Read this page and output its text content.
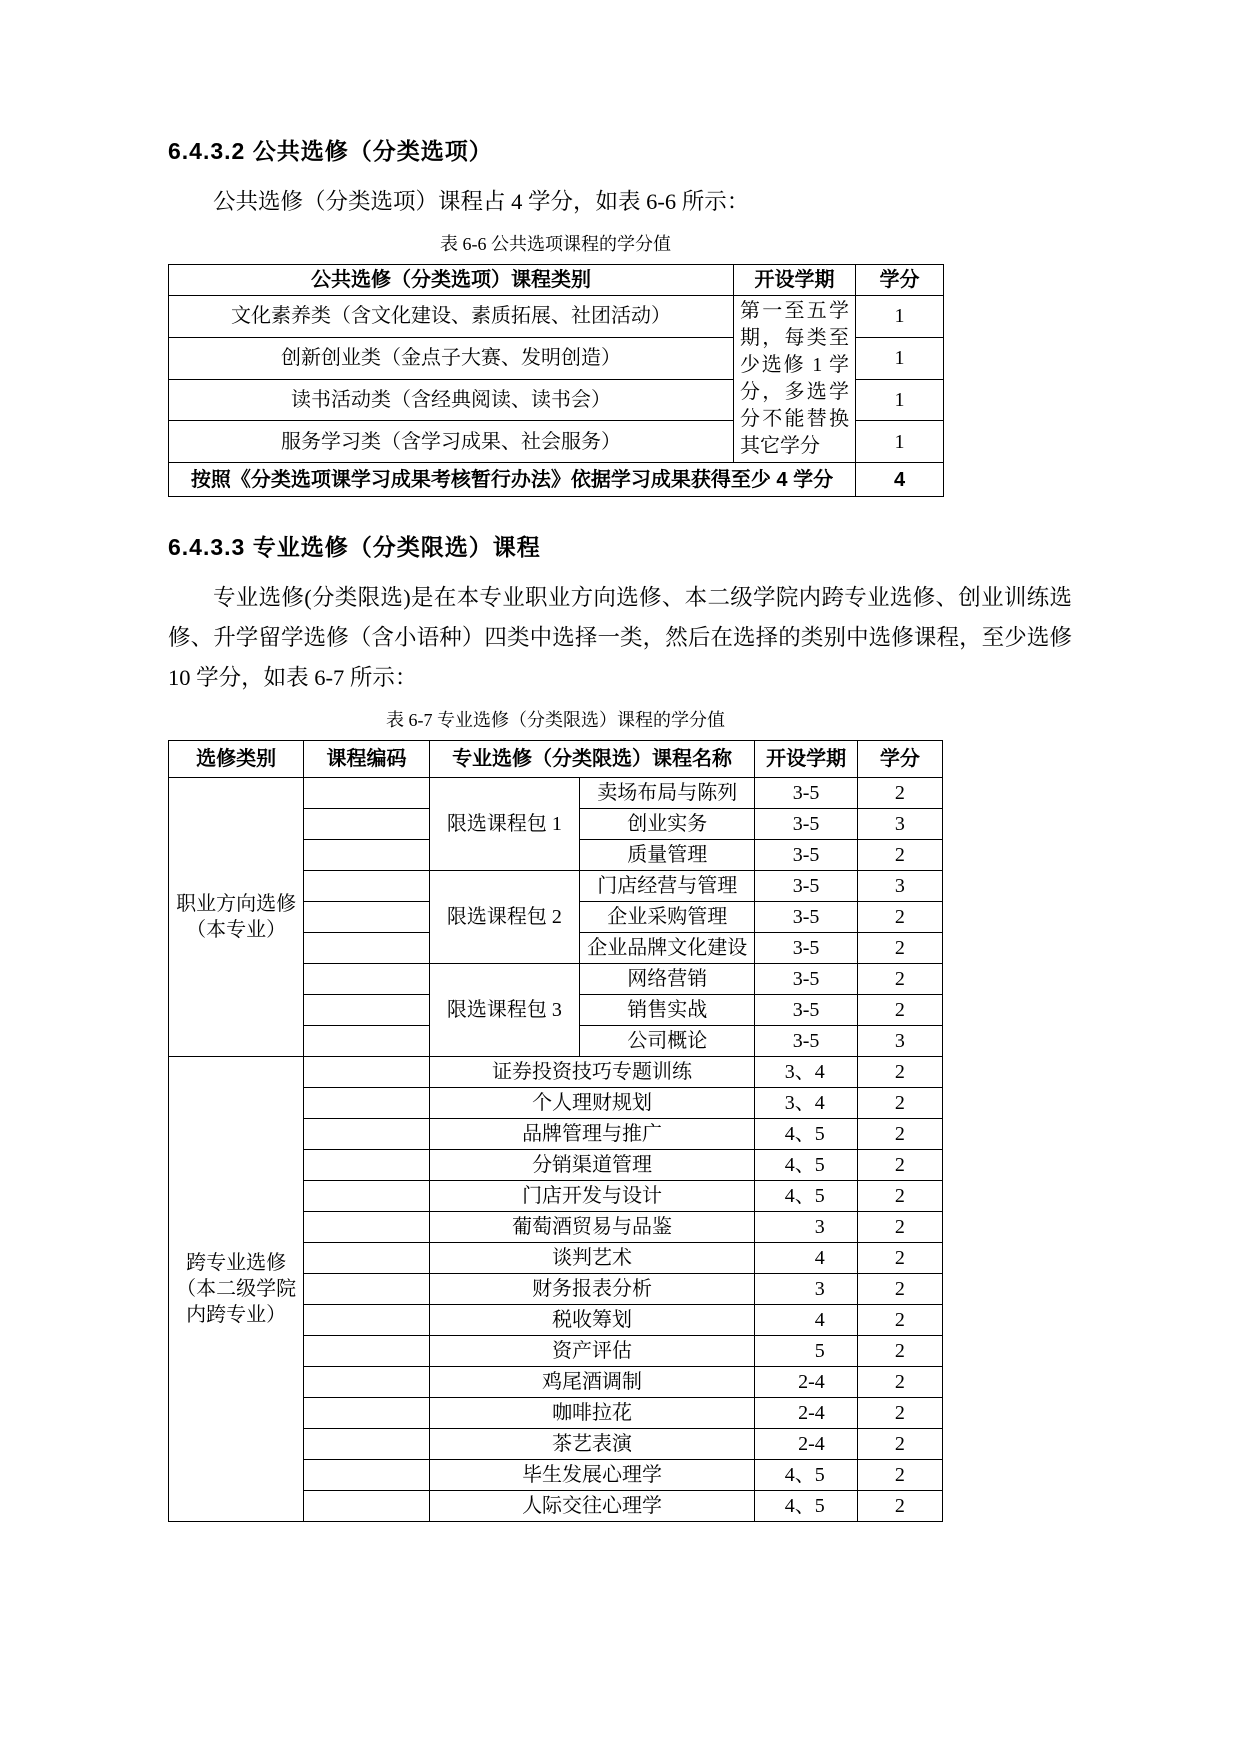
6.4.3.2 公共选修（分类选项）
公共选修（分类选项）课程占 4 学分，如表 6-6 所示：
表 6-6 公共选项课程的学分值
公共选修（分类选项）课程类别	开设学期	学分
文化素养类（含文化建设、素质拓展、社团活动）	第一至五学期，每类至少选修 1 学分，多选学分不能替换其它学分	1
创新创业类（金点子大赛、发明创造）		1
读书活动类（含经典阅读、读书会）		1
服务学习类（含学习成果、社会服务）		1
按照《分类选项课学习成果考核暂行办法》依据学习成果获得至少 4 学分		4
6.4.3.3 专业选修（分类限选）课程
专业选修(分类限选)是在本专业职业方向选修、本二级学院内跨专业选修、创业训练选修、升学留学选修（含小语种）四类中选择一类，然后在选择的类别中选修课程，至少选修 10 学分，如表 6-7 所示：
表 6-7 专业选修（分类限选）课程的学分值
选修类别	课程编码	专业选修（分类限选）课程名称		开设学期	学分
职业方向选修（本专业）		限选课程包 1	卖场布局与陈列	3-5	2
			创业实务	3-5	3
			质量管理	3-5	2
		限选课程包 2	门店经营与管理	3-5	3
			企业采购管理	3-5	2
			企业品牌文化建设	3-5	2
		限选课程包 3	网络营销	3-5	2
			销售实战	3-5	2
			公司概论	3-5	3
跨专业选修（本二级学院内跨专业）		证券投资技巧专题训练		3、4	2
		个人理财规划		3、4	2
		品牌管理与推广		4、5	2
		分销渠道管理		4、5	2
		门店开发与设计		4、5	2
		葡萄酒贸易与品鉴		3	2
		谈判艺术		4	2
		财务报表分析		3	2
		税收筹划		4	2
		资产评估		5	2
		鸡尾酒调制		2-4	2
		咖啡拉花		2-4	2
		茶艺表演		2-4	2
		毕生发展心理学		4、5	2
		人际交往心理学		4、5	2
